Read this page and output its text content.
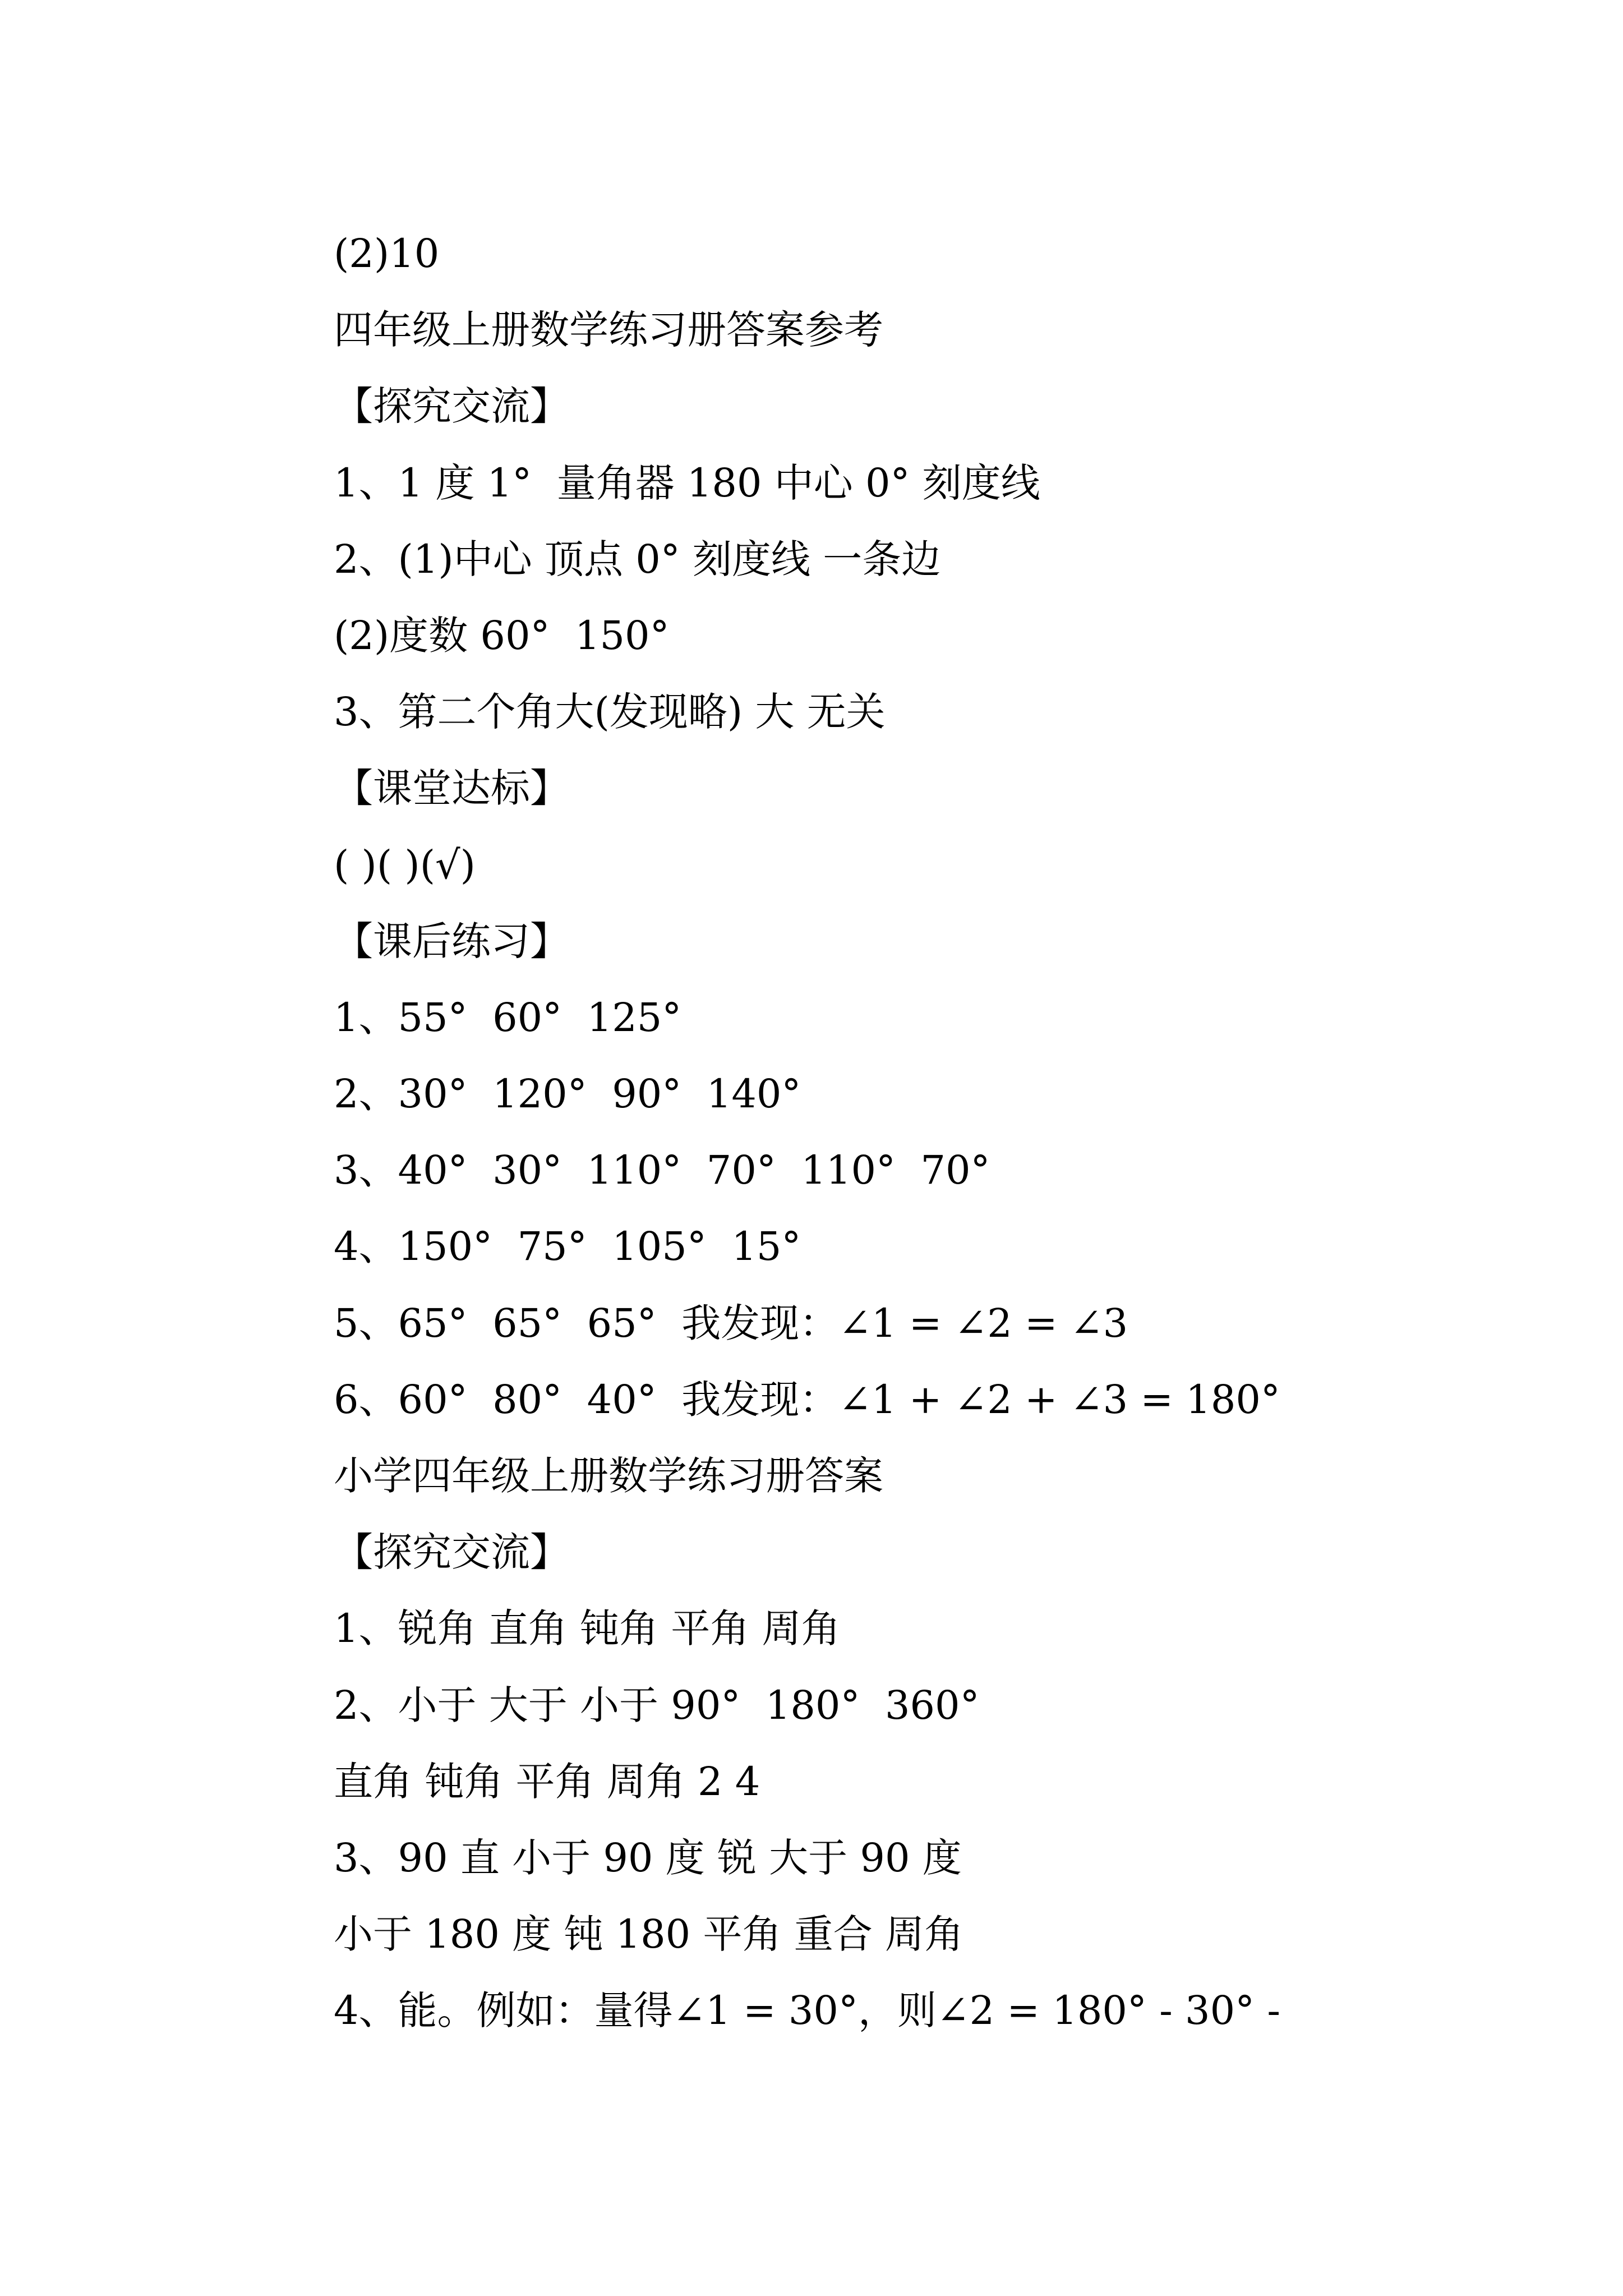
(2)10
四年级上册数学练习册答案参考
【探究交流】
1、1 度 1°  量角器 180 中心 0° 刻度线
2、(1)中心 顶点 0° 刻度线 一条边
(2)度数 60°  150°
3、第二个角大(发现略) 大 无关
【课堂达标】
( )( )(√)
【课后练习】
1、55°  60°  125°
2、30°  120°  90°  140°
3、40°  30°  110°  70°  110°  70°
4、150°  75°  105°  15°
5、65°  65°  65°  我发现：∠1 = ∠2 = ∠3
6、60°  80°  40°  我发现：∠1 + ∠2 + ∠3 = 180°
小学四年级上册数学练习册答案
【探究交流】
1、锐角 直角 钝角 平角 周角
2、小于 大于 小于 90°  180°  360°
直角 钝角 平角 周角 2 4
3、90 直 小于 90 度 锐 大于 90 度
小于 180 度 钝 180 平角 重合 周角
4、能。例如：量得∠1 = 30°，则∠2 = 180° - 30° -
